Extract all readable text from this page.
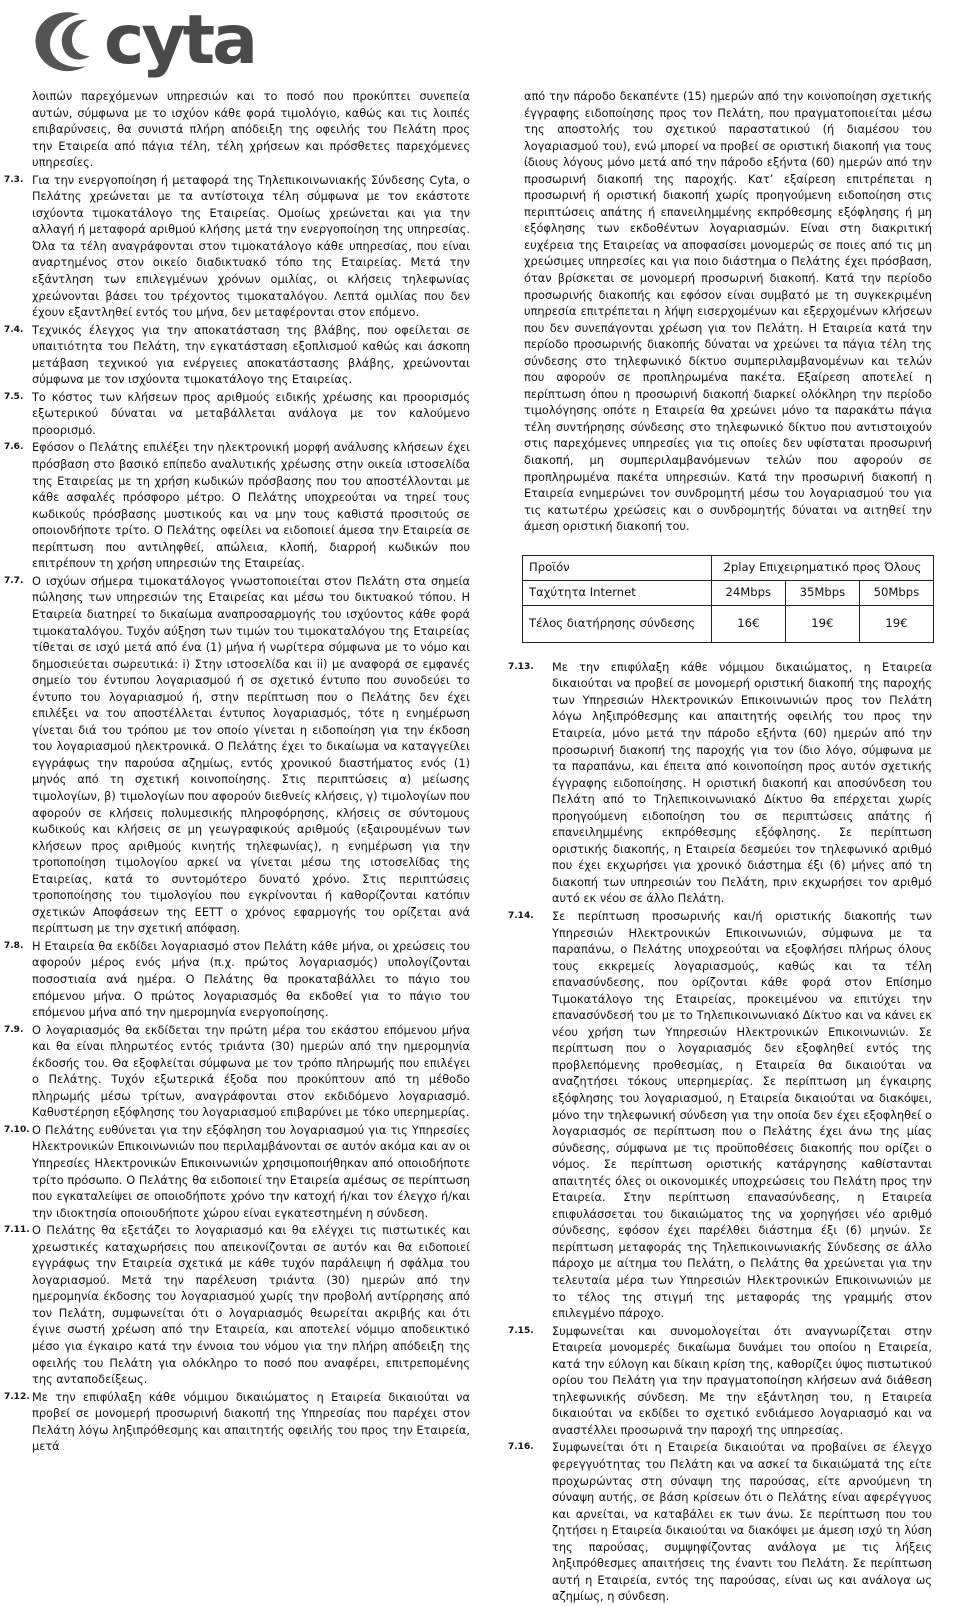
cyta
λοιπών παρεχόμενων υπηρεσιών και το ποσό που προκύπτει συνεπεία αυτών, σύμφωνα με το ισχύον κάθε φορά τιμολόγιο, καθώς και τις λοιπές επιβαρύνσεις, θα συνιστά πλήρη απόδειξη της οφειλής του Πελάτη προς την Εταιρεία από πάγια τέλη, τέλη χρήσεων και πρόσθετες παρεχόμενες υπηρεσίες.
7.3. Για την ενεργοποίηση ή μεταφορά της Τηλεπικοινωνιακής Σύνδεσης Cyta, ο Πελάτης χρεώνεται με τα αντίστοιχα τέλη σύμφωνα με τον εκάστοτε ισχύοντα τιμοκατάλογο της Εταιρείας. Ομοίως χρεώνεται και για την αλλαγή ή μεταφορά αριθμού κλήσης μετά την ενεργοποίηση της υπηρεσίας. Όλα τα τέλη αναγράφονται στον τιμοκατάλογο κάθε υπηρεσίας, που είναι αναρτημένος στον οικείο διαδικτυακό τόπο της Εταιρείας. Μετά την εξάντληση των επιλεγμένων χρόνων ομιλίας, οι κλήσεις τηλεφωνίας χρεώνονται βάσει του τρέχοντος τιμοκαταλόγου. Λεπτά ομιλίας που δεν έχουν εξαντληθεί εντός του μήνα, δεν μεταφέρονται στον επόμενο.
7.4. Τεχνικός έλεγχος για την αποκατάσταση της βλάβης, που οφείλεται σε υπαιτιότητα του Πελάτη, την εγκατάσταση εξοπλισμού καθώς και άσκοπη μετάβαση τεχνικού για ενέργειες αποκατάστασης βλάβης, χρεώνονται σύμφωνα με τον ισχύοντα τιμοκατάλογο της Εταιρείας.
7.5. Το κόστος των κλήσεων προς αριθμούς ειδικής χρέωσης και προορισμός εξωτερικού δύναται να μεταβάλλεται ανάλογα με τον καλούμενο προορισμό.
7.6. Εφόσον ο Πελάτης επιλέξει την ηλεκτρονική μορφή ανάλυσης κλήσεων έχει πρόσβαση στο βασικό επίπεδο αναλυτικής χρέωσης στην οικεία ιστοσελίδα της Εταιρείας με τη χρήση κωδικών πρόσβασης που του αποστέλλονται με κάθε ασφαλές πρόσφορο μέτρο. Ο Πελάτης υποχρεούται να τηρεί τους κωδικούς πρόσβασης μυστικούς και να μην τους καθιστά προσιτούς σε οποιονδήποτε τρίτο. Ο Πελάτης οφείλει να ειδοποιεί άμεσα την Εταιρεία σε περίπτωση που αντιληφθεί, απώλεια, κλοπή, διαρροή κωδικών που επιτρέπουν τη χρήση υπηρεσιών της Εταιρείας.
7.7. Ο ισχύων σήμερα τιμοκατάλογος γνωστοποιείται στον Πελάτη στα σημεία πώλησης των υπηρεσιών της Εταιρείας και μέσω του δικτυακού τόπου. Η Εταιρεία διατηρεί το δικαίωμα αναπροσαρμογής του ισχύοντος κάθε φορά τιμοκαταλόγου. Τυχόν αύξηση των τιμών του τιμοκαταλόγου της Εταιρείας τίθεται σε ισχύ μετά από ένα (1) μήνα ή νωρίτερα σύμφωνα με το νόμο και δημοσιεύεται σωρευτικά: i) Στην ιστοσελίδα και ii) με αναφορά σε εμφανές σημείο του έντυπου λογαριασμού ή σε σχετικό έντυπο που συνοδεύει το έντυπο του λογαριασμού ή, στην περίπτωση που ο Πελάτης δεν έχει επιλέξει να του αποστέλλεται έντυπος λογαριασμός, τότε η ενημέρωση γίνεται διά του τρόπου με τον οποίο γίνεται η ειδοποίηση για την έκδοση του λογαριασμού ηλεκτρονικά. Ο Πελάτης έχει το δικαίωμα να καταγγείλει εγγράφως την παρούσα αζημίως, εντός χρονικού διαστήματος ενός (1) μηνός από τη σχετική κοινοποίησης. Στις περιπτώσεις α) μείωσης τιμολογίων, β) τιμολογίων που αφορούν διεθνείς κλήσεις, γ) τιμολογίων που αφορούν σε κλήσεις πολυμεσικής πληροφόρησης, κλήσεις σε σύντομους κωδικούς και κλήσεις σε μη γεωγραφικούς αριθμούς (εξαιρουμένων των κλήσεων προς αριθμούς κινητής τηλεφωνίας), η ενημέρωση για την τροποποίηση τιμολογίου αρκεί να γίνεται μέσω της ιστοσελίδας της Εταιρείας, κατά το συντομότερο δυνατό χρόνο. Στις περιπτώσεις τροποποίησης του τιμολογίου που εγκρίνονται ή καθορίζονται κατόπιν σχετικών Αποφάσεων της ΕΕΤΤ ο χρόνος εφαρμογής του ορίζεται ανά περίπτωση με την σχετική απόφαση.
7.8. Η Εταιρεία θα εκδίδει λογαριασμό στον Πελάτη κάθε μήνα, οι χρεώσεις του αφορούν μέρος ενός μήνα (π.χ. πρώτος λογαριασμός) υπολογίζονται ποσοστιαία ανά ημέρα. Ο Πελάτης θα προκαταβάλλει το πάγιο του επόμενου μήνα. Ο πρώτος λογαριασμός θα εκδοθεί για το πάγιο του επόμενου μήνα από την ημερομηνία ενεργοποίησης.
7.9. Ο λογαριασμός θα εκδίδεται την πρώτη μέρα του εκάστου επόμενου μήνα και θα είναι πληρωτέος εντός τριάντα (30) ημερών από την ημερομηνία έκδοσής του. Θα εξοφλείται σύμφωνα με τον τρόπο πληρωμής που επιλέγει ο Πελάτης. Τυχόν εξωτερικά έξοδα που προκύπτουν από τη μέθοδο πληρωμής μέσω τρίτων, αναγράφονται στον εκδιδόμενο λογαριασμό. Καθυστέρηση εξόφλησης του λογαριασμού επιβαρύνει με τόκο υπερημερίας.
7.10. Ο Πελάτης ευθύνεται για την εξόφληση του λογαριασμού για τις Υπηρεσίες Ηλεκτρονικών Επικοινωνιών που περιλαμβάνονται σε αυτόν ακόμα και αν οι Υπηρεσίες Ηλεκτρονικών Επικοινωνιών χρησιμοποιήθηκαν από οποιοδήποτε τρίτο πρόσωπο. Ο Πελάτης θα ειδοποιεί την Εταιρεία αμέσως σε περίπτωση που εγκαταλείψει σε οποιοδήποτε χρόνο την κατοχή ή/και τον έλεγχο ή/και την ιδιοκτησία οποιουδήποτε χώρου είναι εγκατεστημένη η σύνδεση.
7.11. Ο Πελάτης θα εξετάζει το λογαριασμό και θα ελέγχει τις πιστωτικές και χρεωστικές καταχωρήσεις που απεικονίζονται σε αυτόν και θα ειδοποιεί εγγράφως την Εταιρεία σχετικά με κάθε τυχόν παράλειψη ή σφάλμα του λογαριασμού. Μετά την παρέλευση τριάντα (30) ημερών από την ημερομηνία έκδοσης του λογαριασμού χωρίς την προβολή αντίρρησης από τον Πελάτη, συμφωνείται ότι ο λογαριασμός θεωρείται ακριβής και ότι έγινε σωστή χρέωση από την Εταιρεία, και αποτελεί νόμιμο αποδεικτικό μέσο για έγκαιρο κατά την έννοια του νόμου για την πλήρη απόδειξη της οφειλής του Πελάτη για ολόκληρο το ποσό που αναφέρει, επιτρεπομένης της ανταποδείξεως.
7.12. Με την επιφύλαξη κάθε νόμιμου δικαιώματος η Εταιρεία δικαιούται να προβεί σε μονομερή προσωρινή διακοπή της Υπηρεσίας που παρέχει στον Πελάτη λόγω ληξιπρόθεσμης και απαιτητής οφειλής του προς την Εταιρεία, μετά
από την πάροδο δεκαπέντε (15) ημερών από την κοινοποίηση σχετικής έγγραφης ειδοποίησης προς τον Πελάτη, που πραγματοποιείται μέσω της αποστολής του σχετικού παραστατικού (ή διαμέσου του λογαριασμού του), ενώ μπορεί να προβεί σε οριστική διακοπή για τους ίδιους λόγους μόνο μετά από την πάροδο εξήντα (60) ημερών από την προσωρινή διακοπή της παροχής. Κατ’ εξαίρεση επιτρέπεται η προσωρινή ή οριστική διακοπή χωρίς προηγούμενη ειδοποίηση στις περιπτώσεις απάτης ή επανειλημμένης εκπρόθεσμης εξόφλησης ή μη εξόφλησης των εκδοθέντων λογαριασμών. Είναι στη διακριτική ευχέρεια της Εταιρείας να αποφασίσει μονομερώς σε ποιες από τις μη χρεώσιμες υπηρεσίες και για ποιο διάστημα ο Πελάτης έχει πρόσβαση, όταν βρίσκεται σε μονομερή προσωρινή διακοπή. Κατά την περίοδο προσωρινής διακοπής και εφόσον είναι συμβατό με τη συγκεκριμένη υπηρεσία επιτρέπεται η λήψη εισερχομένων και εξερχομένων κλήσεων που δεν συνεπάγονται χρέωση για τον Πελάτη. Η Εταιρεία κατά την περίοδο προσωρινής διακοπής δύναται να χρεώνει τα πάγια τέλη της σύνδεσης στο τηλεφωνικό δίκτυο συμπεριλαμβανομένων και τελών που αφορούν σε προπληρωμένα πακέτα. Εξαίρεση αποτελεί η περίπτωση όπου η προσωρινή διακοπή διαρκεί ολόκληρη την περίοδο τιμολόγησης οπότε η Εταιρεία θα χρεώνει μόνο τα παρακάτω πάγια τέλη συντήρησης σύνδεσης στο τηλεφωνικό δίκτυο που αντιστοιχούν στις παρεχόμενες υπηρεσίες για τις οποίες δεν υφίσταται προσωρινή διακοπή, μη συμπεριλαμβανόμενων τελών που αφορούν σε προπληρωμένα πακέτα υπηρεσιών. Κατά την προσωρινή διακοπή η Εταιρεία ενημερώνει τον συνδρομητή μέσω του λογαριασμού του για τις κατωτέρω χρεώσεις και ο συνδρομητής δύναται να αιτηθεί την άμεση οριστική διακοπή του.
Προϊόν	2play Επιχειρηματικό προς Όλους		
Ταχύτητα Internet	24Mbps	35Mbps	50Mbps
Τέλος διατήρησης σύνδεσης	16€	19€	19€
7.13. Με την επιφύλαξη κάθε νόμιμου δικαιώματος, η Εταιρεία δικαιούται να προβεί σε μονομερή οριστική διακοπή της παροχής των Υπηρεσιών Ηλεκτρονικών Επικοινωνιών προς τον Πελάτη λόγω ληξιπρόθεσμης και απαιτητής οφειλής του προς την Εταιρεία, μόνο μετά την πάροδο εξήντα (60) ημερών από την προσωρινή διακοπή της παροχής για τον ίδιο λόγο, σύμφωνα με τα παραπάνω, και έπειτα από κοινοποίηση προς αυτόν σχετικής έγγραφης ειδοποίησης. Η οριστική διακοπή και αποσύνδεση του Πελάτη από το Τηλεπικοινωνιακό Δίκτυο θα επέρχεται χωρίς προηγούμενη ειδοποίηση του σε περιπτώσεις απάτης ή επανειλημμένης εκπρόθεσμης εξόφλησης. Σε περίπτωση οριστικής διακοπής, η Εταιρεία δεσμεύει τον τηλεφωνικό αριθμό που έχει εκχωρήσει για χρονικό διάστημα έξι (6) μήνες από τη διακοπή των υπηρεσιών του Πελάτη, πριν εκχωρήσει τον αριθμό αυτό εκ νέου σε άλλο Πελάτη.
7.14. Σε περίπτωση προσωρινής και/ή οριστικής διακοπής των Υπηρεσιών Ηλεκτρονικών Επικοινωνιών, σύμφωνα με τα παραπάνω, ο Πελάτης υποχρεούται να εξοφλήσει πλήρως όλους τους εκκρεμείς λογαριασμούς, καθώς και τα τέλη επανασύνδεσης, που ορίζονται κάθε φορά στον Επίσημο Τιμοκατάλογο της Εταιρείας, προκειμένου να επιτύχει την επανασύνδεσή του με το Τηλεπικοινωνιακό Δίκτυο και να κάνει εκ νέου χρήση των Υπηρεσιών Ηλεκτρονικών Επικοινωνιών. Σε περίπτωση που ο λογαριασμός δεν εξοφληθεί εντός της προβλεπόμενης προθεσμίας, η Εταιρεία θα δικαιούται να αναζητήσει τόκους υπερημερίας. Σε περίπτωση μη έγκαιρης εξόφλησης του λογαριασμού, η Εταιρεία δικαιούται να διακόψει, μόνο την τηλεφωνική σύνδεση για την οποία δεν έχει εξοφληθεί ο λογαριασμός σε περίπτωση που ο Πελάτης έχει άνω της μίας σύνδεσης, σύμφωνα με τις προϋποθέσεις διακοπής που ορίζει ο νόμος. Σε περίπτωση οριστικής κατάργησης καθίστανται απαιτητές όλες οι οικονομικές υποχρεώσεις του Πελάτη προς την Εταιρεία. Στην περίπτωση επανασύνδεσης, η Εταιρεία επιφυλάσσεται του δικαιώματος της να χορηγήσει νέο αριθμό σύνδεσης, εφόσον έχει παρέλθει διάστημα έξι (6) μηνών. Σε περίπτωση μεταφοράς της Τηλεπικοινωνιακής Σύνδεσης σε άλλο πάροχο με αίτημα του Πελάτη, ο Πελάτης θα χρεώνεται για την τελευταία μέρα των Υπηρεσιών Ηλεκτρονικών Επικοινωνιών με το τέλος της στιγμή της μεταφοράς της γραμμής στον επιλεγμένο πάροχο.
7.15. Συμφωνείται και συνομολογείται ότι αναγνωρίζεται στην Εταιρεία μονομερές δικαίωμα δυνάμει του οποίου η Εταιρεία, κατά την εύλογη και δίκαιη κρίση της, καθορίζει ύψος πιστωτικού ορίου του Πελάτη για την πραγματοποίηση κλήσεων ανά διάθεση τηλεφωνικής σύνδεση. Με την εξάντληση του, η Εταιρεία δικαιούται να εκδίδει το σχετικό ενδιάμεσο λογαριασμό και να αναστέλλει προσωρινά την παροχή της υπηρεσίας.
7.16. Συμφωνείται ότι η Εταιρεία δικαιούται να προβαίνει σε έλεγχο φερεγγυότητας του Πελάτη και να ασκεί τα δικαιώματά της είτε προχωρώντας στη σύναψη της παρούσας, είτε αρνούμενη τη σύναψη αυτής, σε βάση κρίσεων ότι ο Πελάτης είναι αφερέγγυος και αρνείται, να καταβάλει εκ των άνω. Σε περίπτωση που του ζητήσει η Εταιρεία δικαιούται να διακόψει με άμεση ισχύ τη λύση της παρούσας, συμψηφίζοντας ανάλογα με τις λήξεις ληξιπρόθεσμες απαιτήσεις της έναντι του Πελάτη. Σε περίπτωση αυτή η Εταιρεία, εντός της παρούσας, είναι ως και ανάλογα ως αζημίως, η σύνδεση.
